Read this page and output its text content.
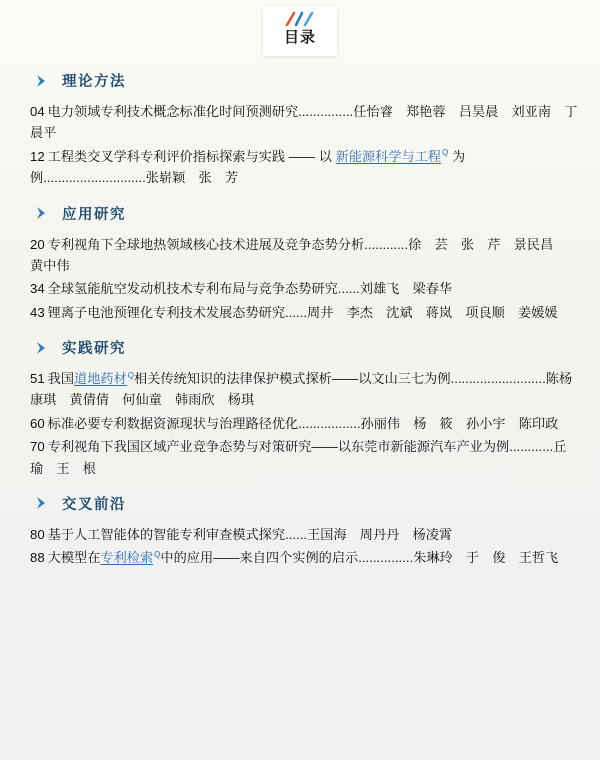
目录
理论方法

04 电力领域专利技术概念标准化时间预测研究...............任怡睿　郑艳蓉　吕昊晨　刘亚南　丁晨平

12 工程类交叉学科专利评价指标探索与实践 —— 以 新能源科学与工程$^Q$ 为例............................张崭颖　张　芳

应用研究

20 专利视角下全球地热领域核心技术进展及竞争态势分析............徐　芸　张　芹　景民昌　黄中伟

34 全球氢能航空发动机技术专利布局与竞争态势研究......刘雄飞　梁春华

43 锂离子电池预锂化专利技术发展态势研究......周井　李杰　沈斌　蒋岚　项良顺　姜媛媛

实践研究

51 我国道地药材$^Q$相关传统知识的法律保护模式探析——以文山三七为例..........................陈杨　康琪　黄倩倩　何仙童　韩雨欣　杨琪

60 标准必要专利数据资源现状与治理路径优化.................孙丽伟　杨　筱　孙小宇　陈印政

70 专利视角下我国区域产业竞争态势与对策研究——以东莞市新能源汽车产业为例............丘　瑜　王　根

交叉前沿

80 基于人工智能体的智能专利审查模式探究......王国海　周丹丹　杨凌霄

88 大模型在专利检索$^Q$中的应用——来自四个实例的启示...............朱琳玲　于　俊　王哲飞
